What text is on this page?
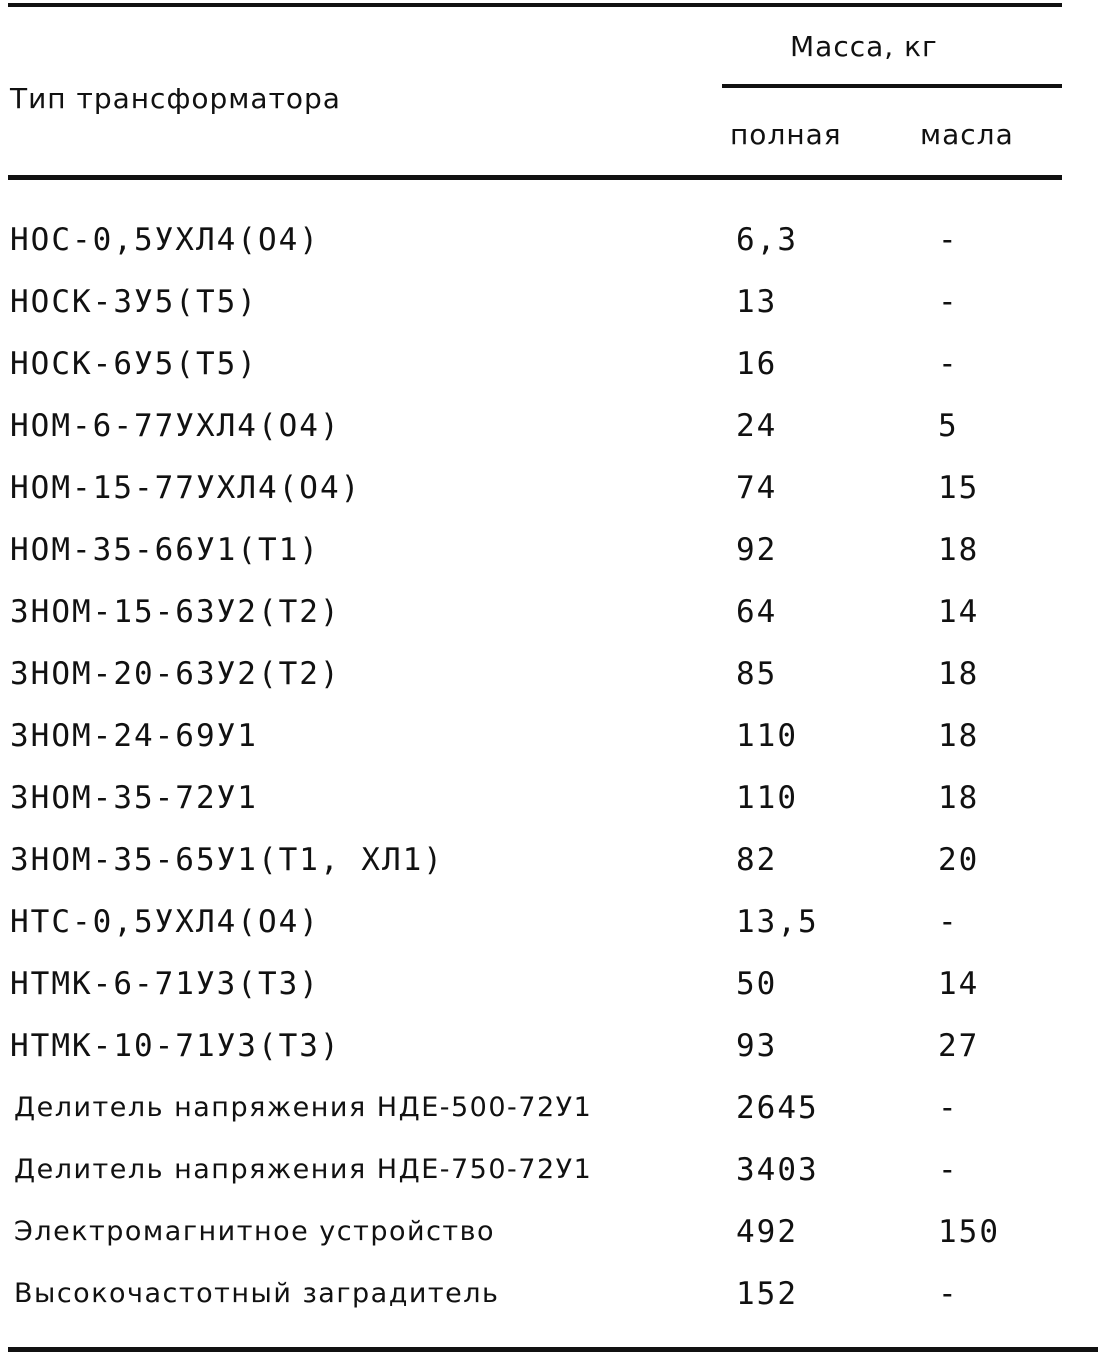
Тип трансформатора
Масса, кг
полная	масла
НОС-0,5УХЛ4(О4)	6,3	-
НОСК-3У5(Т5)	13	-
НОСК-6У5(Т5)	16	-
НОМ-6-77УХЛ4(О4)	24	5
НОМ-15-77УХЛ4(О4)	74	15
НОМ-35-66У1(Т1)	92	18
ЗНОМ-15-63У2(Т2)	64	14
ЗНОМ-20-63У2(Т2)	85	18
ЗНОМ-24-69У1	110	18
ЗНОМ-35-72У1	110	18
ЗНОМ-35-65У1(Т1, ХЛ1)	82	20
НТС-0,5УХЛ4(О4)	13,5	-
НТМК-6-71У3(Т3)	50	14
НТМК-10-71У3(Т3)	93	27
Делитель напряжения НДЕ-500-72У1	2645	-
Делитель напряжения НДЕ-750-72У1	3403	-
Электромагнитное устройство	492	150
Высокочастотный заградитель	152	-
